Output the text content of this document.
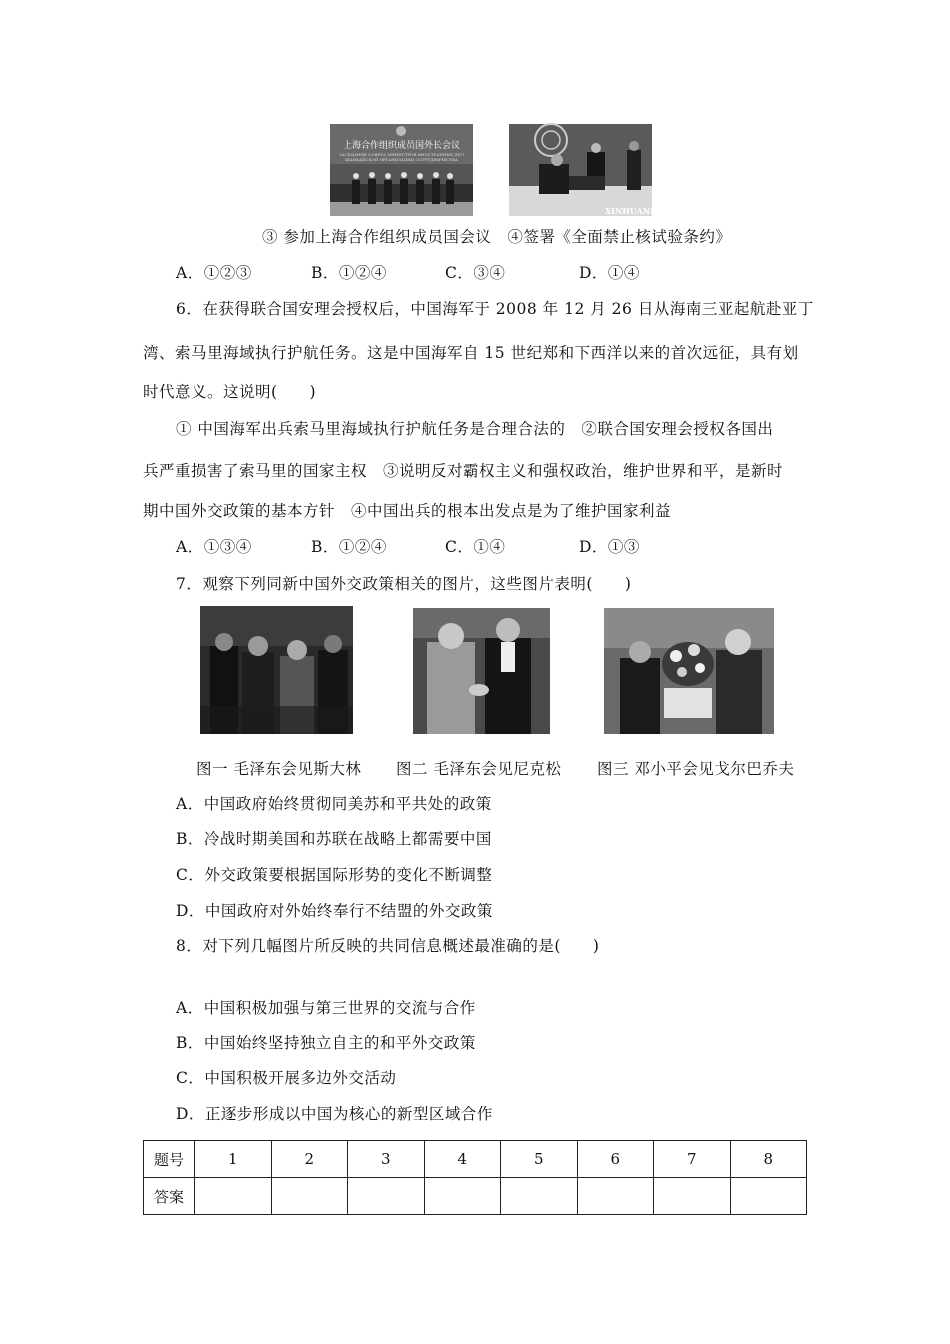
上海合作组织成员国外长会议
ЗАСЕДАНИЕ СОВЕТА МИНИСТРОВ ИНОСТРАННЫХ ДЕЛ ШАНХАЙСКОЙ ОРГАНИЗАЦИИ СОТРУДНИЧЕСТВА
XINHUANET
③ 参加上海合作组织成员国会议　④签署《全面禁止核试验条约》
A．①②③	B．①②④	C．③④	D．①④
6．在获得联合国安理会授权后，中国海军于 2008 年 12 月 26 日从海南三亚起航赴亚丁
湾、索马里海域执行护航任务。这是中国海军自 15 世纪郑和下西洋以来的首次远征，具有划
时代意义。这说明(　　)
① 中国海军出兵索马里海域执行护航任务是合理合法的　②联合国安理会授权各国出
兵严重损害了索马里的国家主权　③说明反对霸权主义和强权政治，维护世界和平，是新时
期中国外交政策的基本方针　④中国出兵的根本出发点是为了维护国家利益
A．①③④	B．①②④	C．①④	D．①③
7．观察下列同新中国外交政策相关的图片，这些图片表明(　　)
图一 毛泽东会见斯大林 图二 毛泽东会见尼克松 图三 邓小平会见戈尔巴乔夫
A．中国政府始终贯彻同美苏和平共处的政策
B．冷战时期美国和苏联在战略上都需要中国
C．外交政策要根据国际形势的变化不断调整
D．中国政府对外始终奉行不结盟的外交政策
8．对下列几幅图片所反映的共同信息概述最准确的是(　　)
A．中国积极加强与第三世界的交流与合作
B．中国始终坚持独立自主的和平外交政策
C．中国积极开展多边外交活动
D．正逐步形成以中国为核心的新型区域合作
题号	1	2	3	4	5	6	7	8
答案								
